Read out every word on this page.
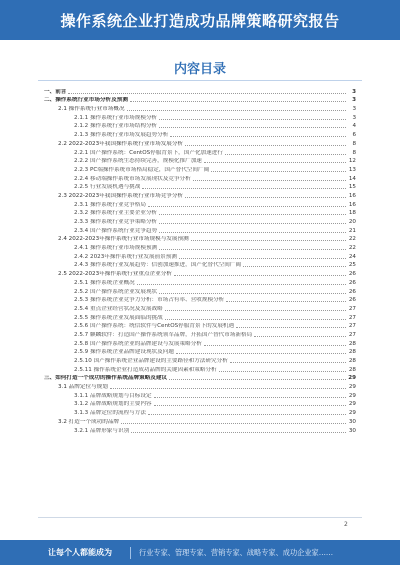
操作系统企业打造成功品牌策略研究报告
内容目录
一、前言	3
二、操作系统行业市场分析及预测	3
2.1 操作系统行业市场概况	3
2.1.1 操作系统行业市场规模分析	3
2.1.2 操作系统行业市场结构分析	4
2.1.3 操作系统行业市场发展趋势分析	6
2.2 2022-2023年我国操作系统行业市场发展分析	8
2.2.1 国产操作系统：CentOS停服背景下，国产化加速进行	8
2.2.2 国产操作系统生态持续完善，规模化推广加速	12
2.2.3 PC端操作系统市场格局稳定，国产替代空间广阔	13
2.2.4 移动端操作系统市场发展现状及竞争分析	14
2.2.5 行业发展机遇与挑战	15
2.3 2022-2023年我国操作系统行业市场竞争分析	16
2.3.1 操作系统行业竞争格局	16
2.3.2 操作系统行业主要企业分析	18
2.3.3 操作系统行业竞争策略分析	20
2.3.4 国产操作系统行业竞争趋势	21
2.4 2022-2023年操作系统行业市场规模与发展预测	22
2.4.1 操作系统行业市场规模预测	22
2.4.2 2023年操作系统行业发展前景预测	24
2.4.3 操作系统行业发展趋势：信创加速推进，国产化替代空间广阔	25
2.5 2022-2023年操作系统行业重点企业分析	26
2.5.1 操作系统企业概况	26
2.5.2 国产操作系统企业发展现状	26
2.5.3 操作系统企业竞争力分析：市场占有率、营收规模分析	26
2.5.4 重点企业经营状况及发展战略	27
2.5.5 操作系统企业发展面临的挑战	27
2.5.6 国产操作系统：统信软件与CentOS停服背景下的发展机遇	27
2.5.7 麒麟软件：打造国产操作系统领军品牌，开拓国产替代市场新格局	27
2.5.8 国产操作系统企业的品牌建设与发展策略分析	28
2.5.9 操作系统企业品牌建设现状及问题	28
2.5.10 国产操作系统企业品牌建设的主要路径和方法研究分析	28
2.5.11 操作系统企业打造成功品牌的关键因素和策略分析	28
三、如何打造一个成功的操作系统品牌策略及建议	29
3.1 品牌定位与规划	29
3.1.1 品牌战略规划与目标设定	29
3.1.2 品牌战略规划的主要内容	29
3.1.3 品牌定位的流程与方法	29
3.2 打造一个成功的品牌	30
3.2.1 品牌形象与识别	30
2
让每个人都能成为	行业专家、管理专家、营销专家、战略专家、成功企业家……
